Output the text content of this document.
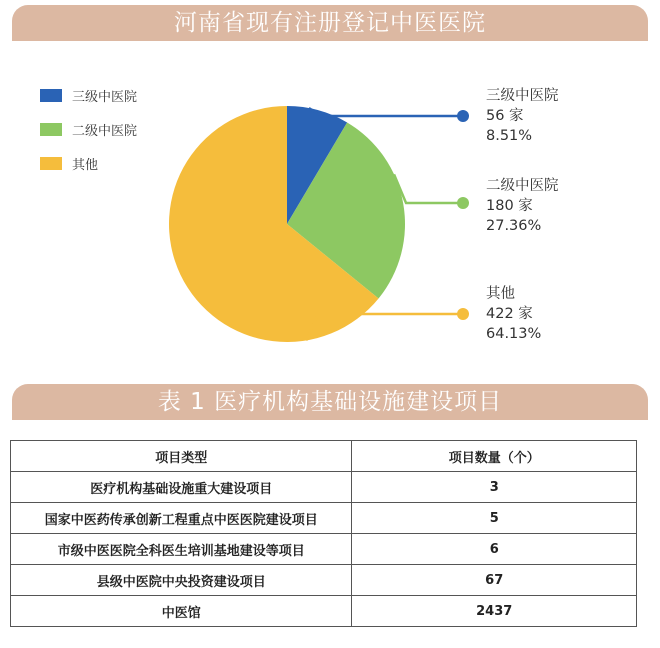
河南省现有注册登记中医医院
三级中医院
二级中医院
其他
三级中医院
56 家
8.51%
二级中医院
180 家
27.36%
其他
422 家
64.13%
表 1 医疗机构基础设施建设项目
项目类型	项目数量（个）
医疗机构基础设施重大建设项目	3
国家中医药传承创新工程重点中医医院建设项目	5
市级中医医院全科医生培训基地建设等项目	6
县级中医院中央投资建设项目	67
中医馆	2437
